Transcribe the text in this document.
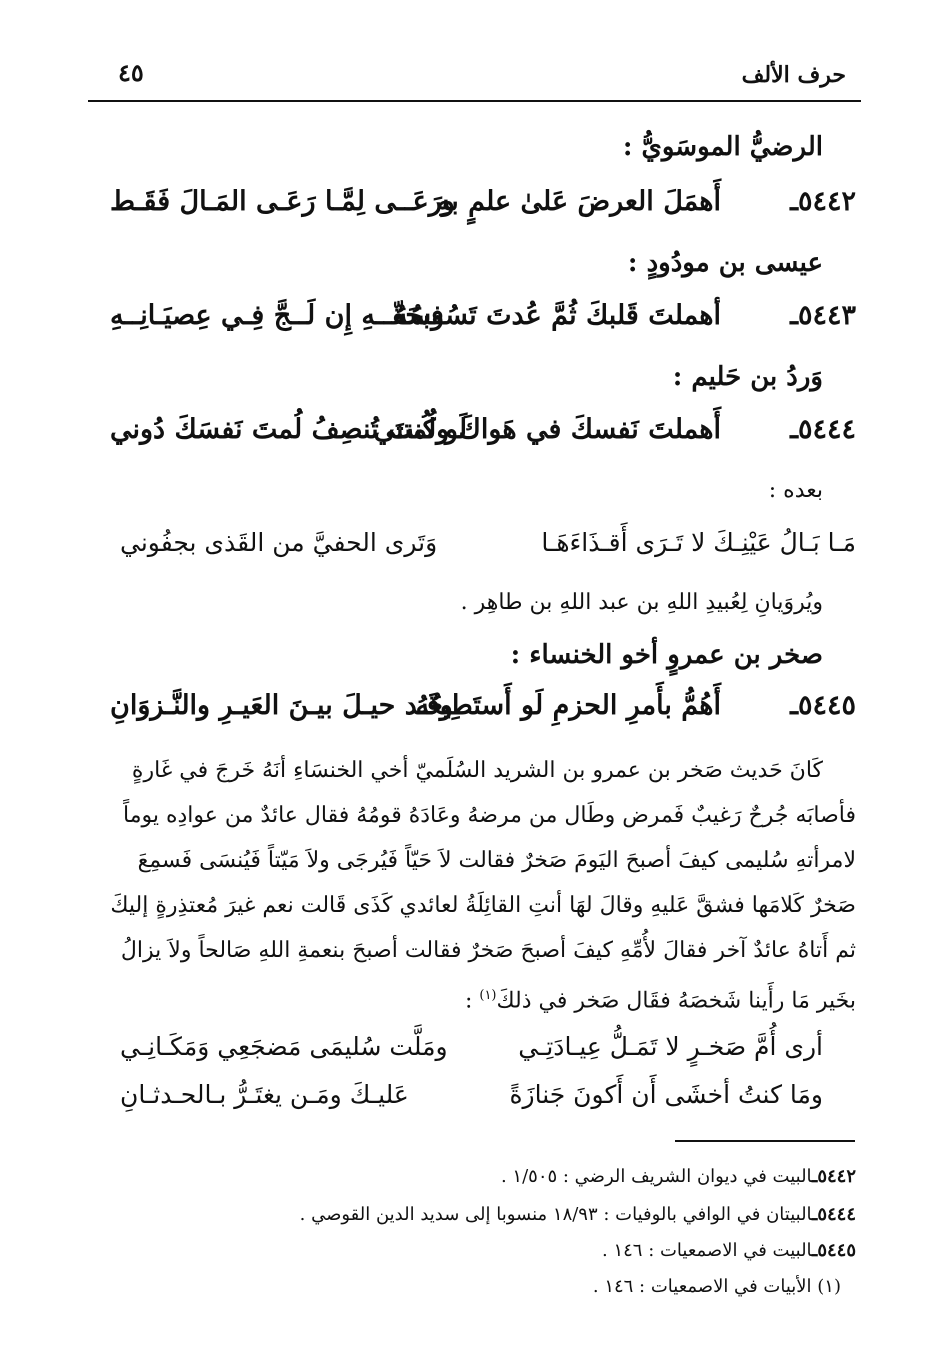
حرف الألف
٤٥
الرضيُّ الموسَويُّ :
٥٤٤٢ـ
أَهمَلَ العرضَ عَلىٰ علمٍ بهِ
ورَعَــى لِمَّـا رَعَـى المَـالَ فَقَـط
عيسى بن مودُودٍ :
٥٤٤٣ـ
أهملتَ قَلبكَ ثُمَّ عُدتَ تَسُوسُهُ
فبحَقّــهِ إِن لَــجَّ فِـي عِصيَـانِــهِ
وَردُ بن حَليم :
٥٤٤٤ـ
أَهملتَ نَفسكَ في هَواكَ ولُمتني
لَو كُنتَ تُنصِفُ لُمتَ نَفسَكَ دُوني
بعده :
مَـا بَـالُ عَيْنِـكَ لا تَـرَى أَقـذَاءَهَـا
وَتَرى الحفيَّ من القَذى بجفُوني
ويُروَيانِ لِعُبيدِ اللهِ بن عبد اللهِ بن طاهِر .
صخر بن عمروٍ أخو الخنساء :
٥٤٤٥ـ
أَهُمُّ بأَمرِ الحزمِ لَو أَستَطِيعُهُ
وقَـد حيـلَ بيـنَ العَيـرِ والنَّـزوَانِ
كَانَ حَديث صَخر بن عمرو بن الشريد السُلَميّ أخي الخنسَاءِ أنَهُ خَرجَ في غَارةٍ
فأصابَه جُرحٌ رَغيبٌ فَمرض وطَال من مرضهُ وعَادَهُ قومُهُ فقال عائدٌ من عوادِه يوماً
لامرأتهِ سُليمى كيفَ أصبحَ اليَومَ صَخرٌ فقالت لاَ حَيّاً فَيُرجَى ولاَ مَيّتاً فَيُنسَى فَسمِعَ
صَخرٌ كَلامَها فشقَّ عَليهِ وقالَ لهَا أنتِ القائِلَةُ لعائدي كَذَى قَالت نعم غيرَ مُعتذِرةٍ إليكَ
ثم أَتاهُ عائدٌ آخر فقالَ لأُمِّهِ كيفَ أصبحَ صَخرٌ فقالت أصبحَ بنعمةِ اللهِ صَالحاً ولاَ يزالُ
بخَير مَا رأَينا شَخصَهُ فقَال صَخر في ذلكَ$^{(١)}$ :
أرى أُمَّ صَخـرٍ لا تَمَـلُّ عِيـادَتِـي
ومَلَّت سُليمَى مَضجَعِي وَمَكَـانِـي
ومَا كنتُ أخشَى أَن أَكونَ جَنازَةً
عَليـكَ ومَـن يغتَـرُّ بـالحـدثـانِ
٥٤٤٢ـالبيت في ديوان الشريف الرضي : ١/٥٠٥ .
٥٤٤٤ـالبيتان في الوافي بالوفيات : ١٨/٩٣ منسوبا إلى سديد الدين القوصي .
٥٤٤٥ـالبيت في الاصمعيات : ١٤٦ .
(١) الأبيات في الاصمعيات : ١٤٦ .
